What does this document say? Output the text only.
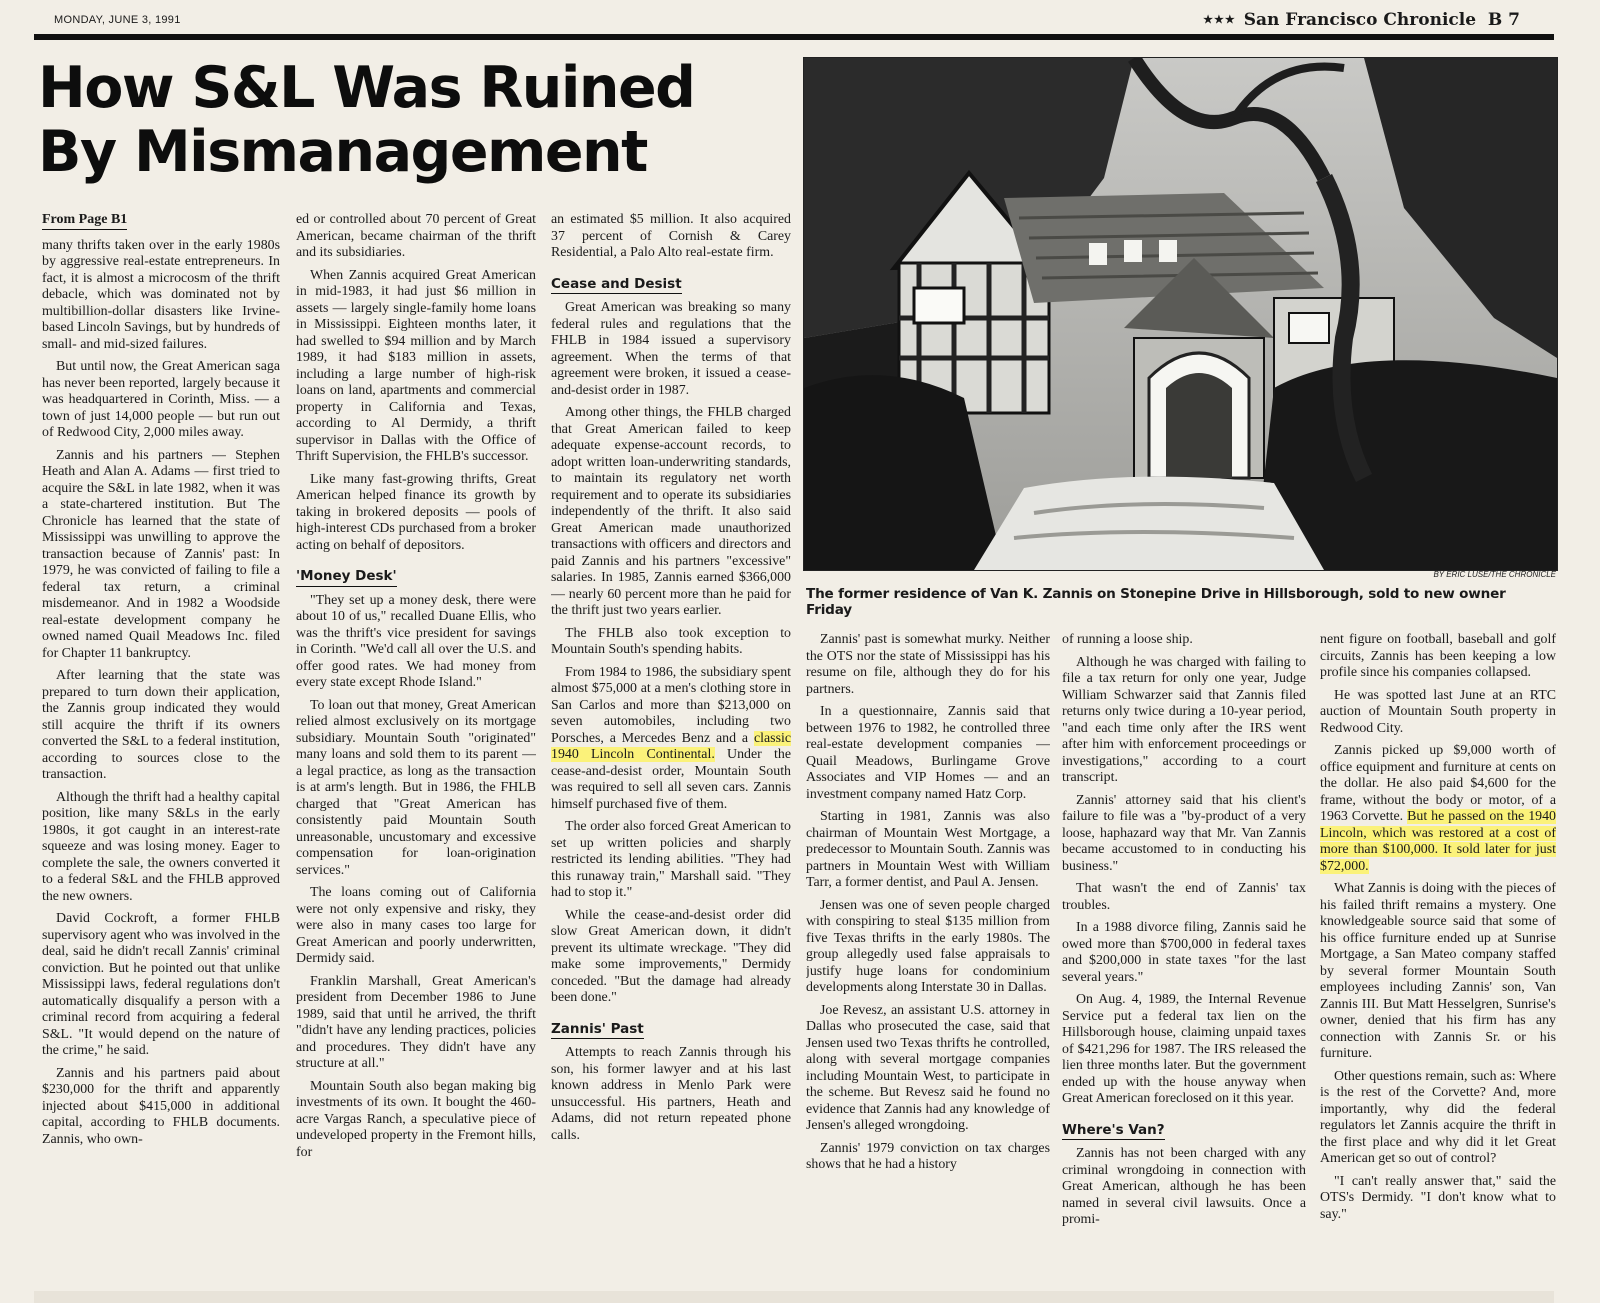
MONDAY, JUNE 3, 1991	★★★ San Francisco Chronicle B 7
How S&L Was Ruined By Mismanagement
BY ERIC LUSE/THE CHRONICLE
The former residence of Van K. Zannis on Stonepine Drive in Hillsborough, sold to new owner Friday
From Page B1

many thrifts taken over in the early 1980s by aggressive real-estate entrepreneurs. In fact, it is almost a microcosm of the thrift debacle, which was dominated not by multibillion-dollar disasters like Irvine-based Lincoln Savings, but by hundreds of small- and mid-sized failures.

But until now, the Great American saga has never been reported, largely because it was headquartered in Corinth, Miss. — a town of just 14,000 people — but run out of Redwood City, 2,000 miles away.

Zannis and his partners — Stephen Heath and Alan A. Adams — first tried to acquire the S&L in late 1982, when it was a state-chartered institution. But The Chronicle has learned that the state of Mississippi was unwilling to approve the transaction because of Zannis' past: In 1979, he was convicted of failing to file a federal tax return, a criminal misdemeanor. And in 1982 a Woodside real-estate development company he owned named Quail Meadows Inc. filed for Chapter 11 bankruptcy.

After learning that the state was prepared to turn down their application, the Zannis group indicated they would still acquire the thrift if its owners converted the S&L to a federal institution, according to sources close to the transaction.

Although the thrift had a healthy capital position, like many S&Ls in the early 1980s, it got caught in an interest-rate squeeze and was losing money. Eager to complete the sale, the owners converted it to a federal S&L and the FHLB approved the new owners.

David Cockroft, a former FHLB supervisory agent who was involved in the deal, said he didn't recall Zannis' criminal conviction. But he pointed out that unlike Mississippi laws, federal regulations don't automatically disqualify a person with a criminal record from acquiring a federal S&L. "It would depend on the nature of the crime," he said.

Zannis and his partners paid about $230,000 for the thrift and apparently injected about $415,000 in additional capital, according to FHLB documents. Zannis, who own-

ed or controlled about 70 percent of Great American, became chairman of the thrift and its subsidiaries.

When Zannis acquired Great American in mid-1983, it had just $6 million in assets — largely single-family home loans in Mississippi. Eighteen months later, it had swelled to $94 million and by March 1989, it had $183 million in assets, including a large number of high-risk loans on land, apartments and commercial property in California and Texas, according to Al Dermidy, a thrift supervisor in Dallas with the Office of Thrift Supervision, the FHLB's successor.

Like many fast-growing thrifts, Great American helped finance its growth by taking in brokered deposits — pools of high-interest CDs purchased from a broker acting on behalf of depositors.

'Money Desk'

"They set up a money desk, there were about 10 of us," recalled Duane Ellis, who was the thrift's vice president for savings in Corinth. "We'd call all over the U.S. and offer good rates. We had money from every state except Rhode Island."

To loan out that money, Great American relied almost exclusively on its mortgage subsidiary. Mountain South "originated" many loans and sold them to its parent — a legal practice, as long as the transaction is at arm's length. But in 1986, the FHLB charged that "Great American has consistently paid Mountain South unreasonable, uncustomary and excessive compensation for loan-origination services."

The loans coming out of California were not only expensive and risky, they were also in many cases too large for Great American and poorly underwritten, Dermidy said.

Franklin Marshall, Great American's president from December 1986 to June 1989, said that until he arrived, the thrift "didn't have any lending practices, policies and procedures. They didn't have any structure at all."

Mountain South also began making big investments of its own. It bought the 460-acre Vargas Ranch, a speculative piece of undeveloped property in the Fremont hills, for

an estimated $5 million. It also acquired 37 percent of Cornish & Carey Residential, a Palo Alto real-estate firm.

Cease and Desist

Great American was breaking so many federal rules and regulations that the FHLB in 1984 issued a supervisory agreement. When the terms of that agreement were broken, it issued a cease-and-desist order in 1987.

Among other things, the FHLB charged that Great American failed to keep adequate expense-account records, to adopt written loan-underwriting standards, to maintain its regulatory net worth requirement and to operate its subsidiaries independently of the thrift. It also said Great American made unauthorized transactions with officers and directors and paid Zannis and his partners "excessive" salaries. In 1985, Zannis earned $366,000 — nearly 60 percent more than he paid for the thrift just two years earlier.

The FHLB also took exception to Mountain South's spending habits.

From 1984 to 1986, the subsidiary spent almost $75,000 at a men's clothing store in San Carlos and more than $213,000 on seven automobiles, including two Porsches, a Mercedes Benz and a classic 1940 Lincoln Continental. Under the cease-and-desist order, Mountain South was required to sell all seven cars. Zannis himself purchased five of them.

The order also forced Great American to set up written policies and sharply restricted its lending abilities. "They had this runaway train," Marshall said. "They had to stop it."

While the cease-and-desist order did slow Great American down, it didn't prevent its ultimate wreckage. "They did make some improvements," Dermidy conceded. "But the damage had already been done."

Zannis' Past

Attempts to reach Zannis through his son, his former lawyer and at his last known address in Menlo Park were unsuccessful. His partners, Heath and Adams, did not return repeated phone calls.

Zannis' past is somewhat murky. Neither the OTS nor the state of Mississippi has his resume on file, although they do for his partners.

In a questionnaire, Zannis said that between 1976 to 1982, he controlled three real-estate development companies — Quail Meadows, Burlingame Grove Associates and VIP Homes — and an investment company named Hatz Corp.

Starting in 1981, Zannis was also chairman of Mountain West Mortgage, a predecessor to Mountain South. Zannis was partners in Mountain West with William Tarr, a former dentist, and Paul A. Jensen.

Jensen was one of seven people charged with conspiring to steal $135 million from five Texas thrifts in the early 1980s. The group allegedly used false appraisals to justify huge loans for condominium developments along Interstate 30 in Dallas.

Joe Revesz, an assistant U.S. attorney in Dallas who prosecuted the case, said that Jensen used two Texas thrifts he controlled, along with several mortgage companies including Mountain West, to participate in the scheme. But Revesz said he found no evidence that Zannis had any knowledge of Jensen's alleged wrongdoing.

Zannis' 1979 conviction on tax charges shows that he had a history

of running a loose ship.

Although he was charged with failing to file a tax return for only one year, Judge William Schwarzer said that Zannis filed returns only twice during a 10-year period, "and each time only after the IRS went after him with enforcement proceedings or investigations," according to a court transcript.

Zannis' attorney said that his client's failure to file was a "by-product of a very loose, haphazard way that Mr. Van Zannis became accustomed to in conducting his business."

That wasn't the end of Zannis' tax troubles.

In a 1988 divorce filing, Zannis said he owed more than $700,000 in federal taxes and $200,000 in state taxes "for the last several years."

On Aug. 4, 1989, the Internal Revenue Service put a federal tax lien on the Hillsborough house, claiming unpaid taxes of $421,296 for 1987. The IRS released the lien three months later. But the government ended up with the house anyway when Great American foreclosed on it this year.

Where's Van?

Zannis has not been charged with any criminal wrongdoing in connection with Great American, although he has been named in several civil lawsuits. Once a promi-

nent figure on football, baseball and golf circuits, Zannis has been keeping a low profile since his companies collapsed.

He was spotted last June at an RTC auction of Mountain South property in Redwood City.

Zannis picked up $9,000 worth of office equipment and furniture at cents on the dollar. He also paid $4,600 for the frame, without the body or motor, of a 1963 Corvette. But he passed on the 1940 Lincoln, which was restored at a cost of more than $100,000. It sold later for just $72,000.

What Zannis is doing with the pieces of his failed thrift remains a mystery. One knowledgeable source said that some of his office furniture ended up at Sunrise Mortgage, a San Mateo company staffed by several former Mountain South employees including Zannis' son, Van Zannis III. But Matt Hesselgren, Sunrise's owner, denied that his firm has any connection with Zannis Sr. or his furniture.

Other questions remain, such as: Where is the rest of the Corvette? And, more importantly, why did the federal regulators let Zannis acquire the thrift in the first place and why did it let Great American get so out of control?

"I can't really answer that," said the OTS's Dermidy. "I don't know what to say."
